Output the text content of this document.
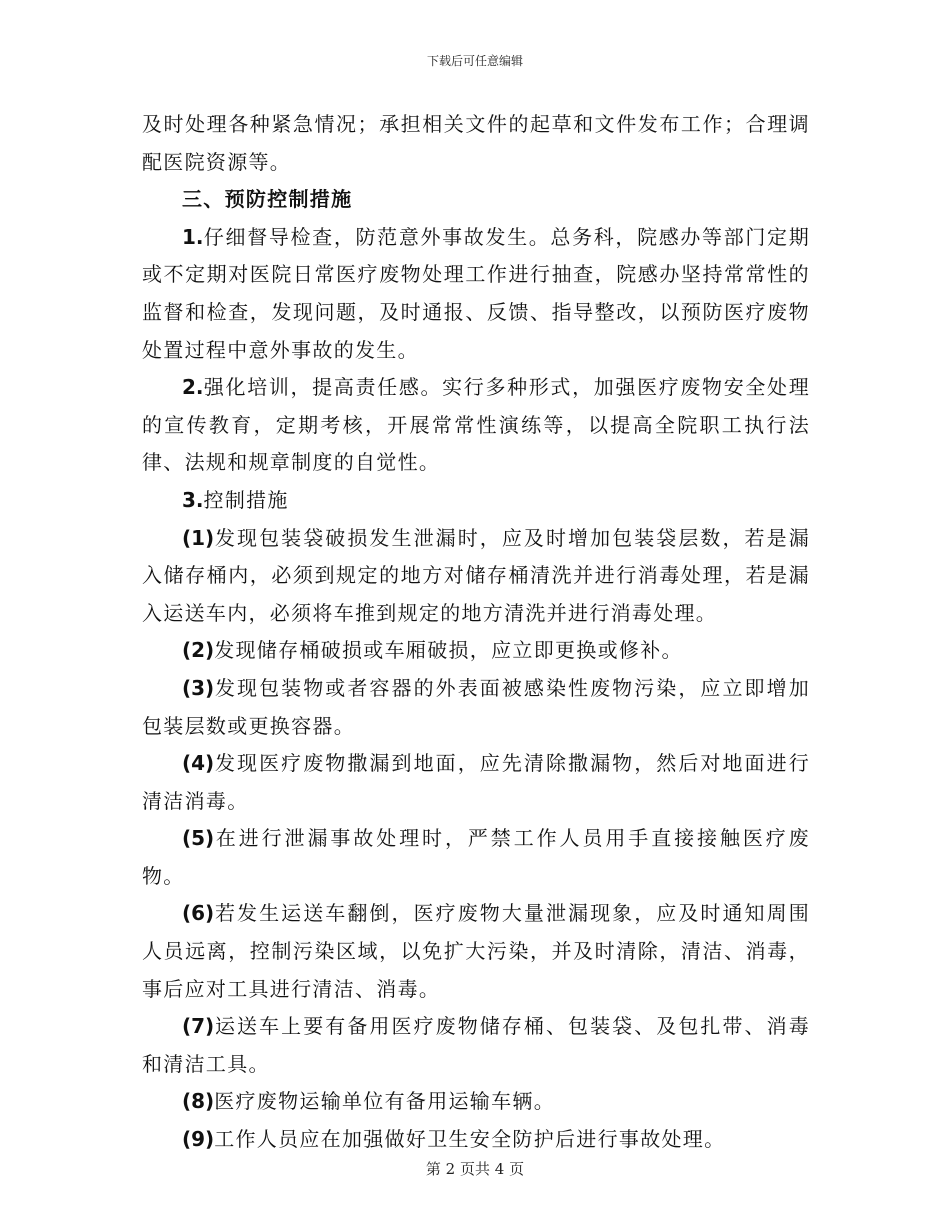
下载后可任意编辑

及时处理各种紧急情况；承担相关文件的起草和文件发布工作；合理调配医院资源等。

三、预防控制措施

1.仔细督导检查，防范意外事故发生。总务科，院感办等部门定期或不定期对医院日常医疗废物处理工作进行抽查，院感办坚持常常性的监督和检查，发现问题，及时通报、反馈、指导整改，以预防医疗废物处置过程中意外事故的发生。

2.强化培训，提高责任感。实行多种形式，加强医疗废物安全处理的宣传教育，定期考核，开展常常性演练等，以提高全院职工执行法律、法规和规章制度的自觉性。

3.控制措施

(1)发现包装袋破损发生泄漏时，应及时增加包装袋层数，若是漏入储存桶内，必须到规定的地方对储存桶清洗并进行消毒处理，若是漏入运送车内，必须将车推到规定的地方清洗并进行消毒处理。

(2)发现储存桶破损或车厢破损，应立即更换或修补。

(3)发现包装物或者容器的外表面被感染性废物污染，应立即增加包装层数或更换容器。

(4)发现医疗废物撒漏到地面，应先清除撒漏物，然后对地面进行清洁消毒。

(5)在进行泄漏事故处理时，严禁工作人员用手直接接触医疗废物。

(6)若发生运送车翻倒，医疗废物大量泄漏现象，应及时通知周围人员远离，控制污染区域，以免扩大污染，并及时清除，清洁、消毒，事后应对工具进行清洁、消毒。

(7)运送车上要有备用医疗废物储存桶、包装袋、及包扎带、消毒和清洁工具。

(8)医疗废物运输单位有备用运输车辆。

(9)工作人员应在加强做好卫生安全防护后进行事故处理。

第 2 页共 4 页
